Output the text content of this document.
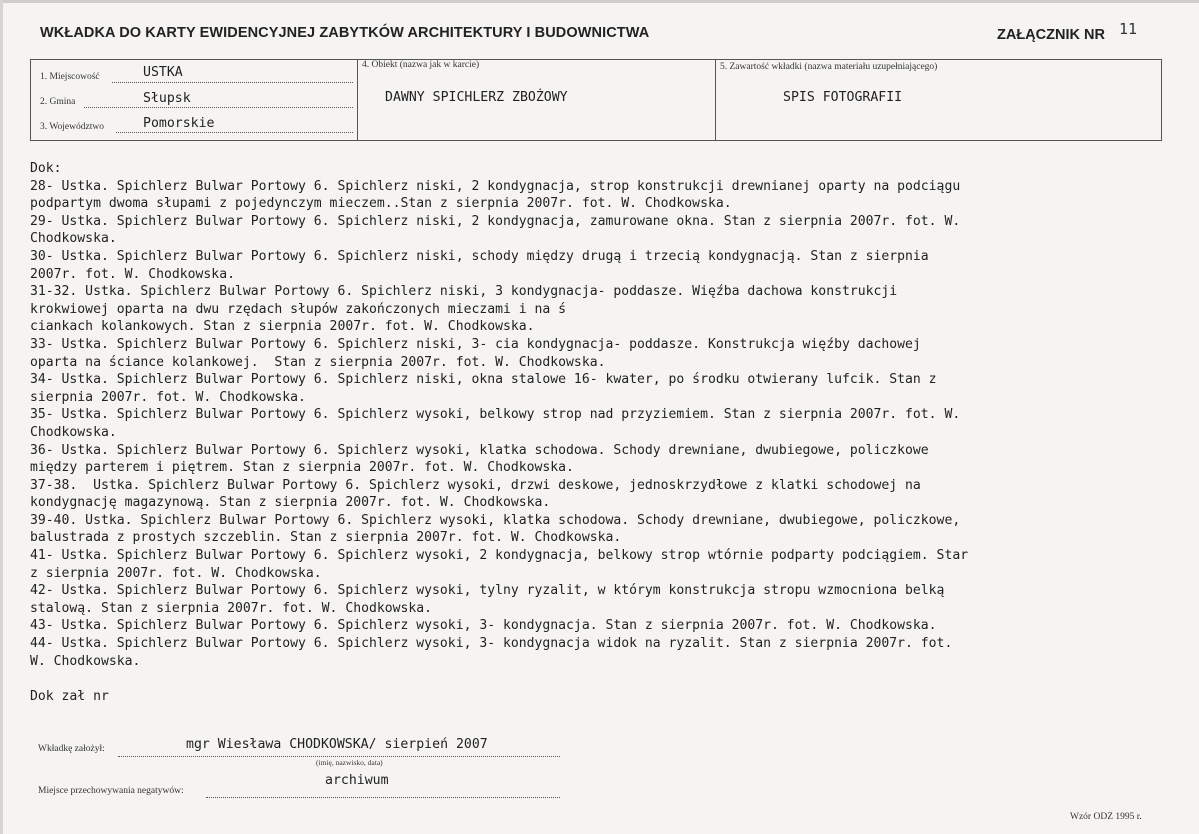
WKŁADKA DO KARTY EWIDENCYJNEJ ZABYTKÓW ARCHITEKTURY I BUDOWNICTWA	ZAŁĄCZNIK NR 11
1. Miejscowość	USTKA
2. Gmina	Słupsk
3. Województwo	Pomorskie
4. Obiekt (nazwa jak w karcie)
DAWNY SPICHLERZ ZBOŻOWY
5. Zawartość wkładki (nazwa materiału uzupełniającego)
SPIS FOTOGRAFII
Dok:
28- Ustka. Spichlerz Bulwar Portowy 6. Spichlerz niski, 2 kondygnacja, strop konstrukcji drewnianej oparty na podciągu
podpartym dwoma słupami z pojedynczym mieczem..Stan z sierpnia 2007r. fot. W. Chodkowska.
29- Ustka. Spichlerz Bulwar Portowy 6. Spichlerz niski, 2 kondygnacja, zamurowane okna. Stan z sierpnia 2007r. fot. W.
Chodkowska.
30- Ustka. Spichlerz Bulwar Portowy 6. Spichlerz niski, schody między drugą i trzecią kondygnacją. Stan z sierpnia
2007r. fot. W. Chodkowska.
31-32. Ustka. Spichlerz Bulwar Portowy 6. Spichlerz niski, 3 kondygnacja- poddasze. Więźba dachowa konstrukcji
krokwiowej oparta na dwu rzędach słupów zakończonych mieczami i na ś
ciankach kolankowych. Stan z sierpnia 2007r. fot. W. Chodkowska.
33- Ustka. Spichlerz Bulwar Portowy 6. Spichlerz niski, 3- cia kondygnacja- poddasze. Konstrukcja więźby dachowej
oparta na ściance kolankowej.  Stan z sierpnia 2007r. fot. W. Chodkowska.
34- Ustka. Spichlerz Bulwar Portowy 6. Spichlerz niski, okna stalowe 16- kwater, po środku otwierany lufcik. Stan z
sierpnia 2007r. fot. W. Chodkowska.
35- Ustka. Spichlerz Bulwar Portowy 6. Spichlerz wysoki, belkowy strop nad przyziemiem. Stan z sierpnia 2007r. fot. W.
Chodkowska.
36- Ustka. Spichlerz Bulwar Portowy 6. Spichlerz wysoki, klatka schodowa. Schody drewniane, dwubiegowe, policzkowe
między parterem i piętrem. Stan z sierpnia 2007r. fot. W. Chodkowska.
37-38.  Ustka. Spichlerz Bulwar Portowy 6. Spichlerz wysoki, drzwi deskowe, jednoskrzydłowe z klatki schodowej na
kondygnację magazynową. Stan z sierpnia 2007r. fot. W. Chodkowska.
39-40. Ustka. Spichlerz Bulwar Portowy 6. Spichlerz wysoki, klatka schodowa. Schody drewniane, dwubiegowe, policzkowe,
balustrada z prostych szczeblin. Stan z sierpnia 2007r. fot. W. Chodkowska.
41- Ustka. Spichlerz Bulwar Portowy 6. Spichlerz wysoki, 2 kondygnacja, belkowy strop wtórnie podparty podciągiem. Star
z sierpnia 2007r. fot. W. Chodkowska.
42- Ustka. Spichlerz Bulwar Portowy 6. Spichlerz wysoki, tylny ryzalit, w którym konstrukcja stropu wzmocniona belką
stalową. Stan z sierpnia 2007r. fot. W. Chodkowska.
43- Ustka. Spichlerz Bulwar Portowy 6. Spichlerz wysoki, 3- kondygnacja. Stan z sierpnia 2007r. fot. W. Chodkowska.
44- Ustka. Spichlerz Bulwar Portowy 6. Spichlerz wysoki, 3- kondygnacja widok na ryzalit. Stan z sierpnia 2007r. fot.
W. Chodkowska.
Dok zał nr
Wkładkę założył:	mgr Wiesława CHODKOWSKA/ sierpień 2007
(imię, nazwisko, data)
Miejsce przechowywania negatywów:
archiwum
Wzór ODZ 1995 r.
